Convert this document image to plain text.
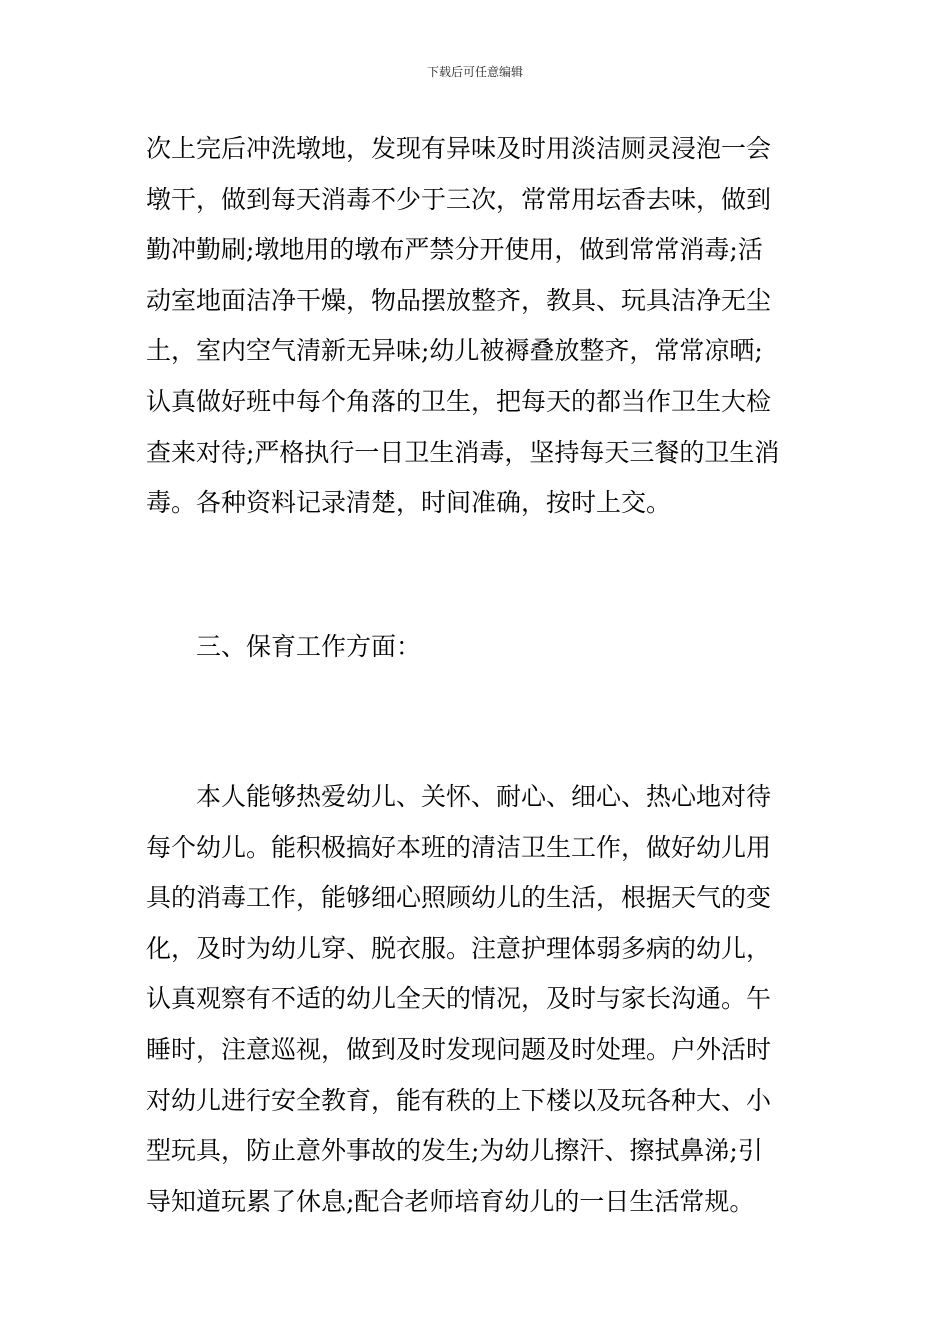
下载后可任意编辑
次上完后冲洗墩地，发现有异味及时用淡洁厕灵浸泡一会
墩干，做到每天消毒不少于三次，常常用坛香去味，做到
勤冲勤刷;墩地用的墩布严禁分开使用，做到常常消毒;活
动室地面洁净干燥，物品摆放整齐，教具、玩具洁净无尘
土，室内空气清新无异味;幼儿被褥叠放整齐，常常凉晒;
认真做好班中每个角落的卫生，把每天的都当作卫生大检
查来对待;严格执行一日卫生消毒，坚持每天三餐的卫生消
毒。各种资料记录清楚，时间准确，按时上交。
三、保育工作方面：
本人能够热爱幼儿、关怀、耐心、细心、热心地对待
每个幼儿。能积极搞好本班的清洁卫生工作，做好幼儿用
具的消毒工作，能够细心照顾幼儿的生活，根据天气的变
化，及时为幼儿穿、脱衣服。注意护理体弱多病的幼儿，
认真观察有不适的幼儿全天的情况，及时与家长沟通。午
睡时，注意巡视，做到及时发现问题及时处理。户外活时
对幼儿进行安全教育，能有秩的上下楼以及玩各种大、小
型玩具，防止意外事故的发生;为幼儿擦汗、擦拭鼻涕;引
导知道玩累了休息;配合老师培育幼儿的一日生活常规。
